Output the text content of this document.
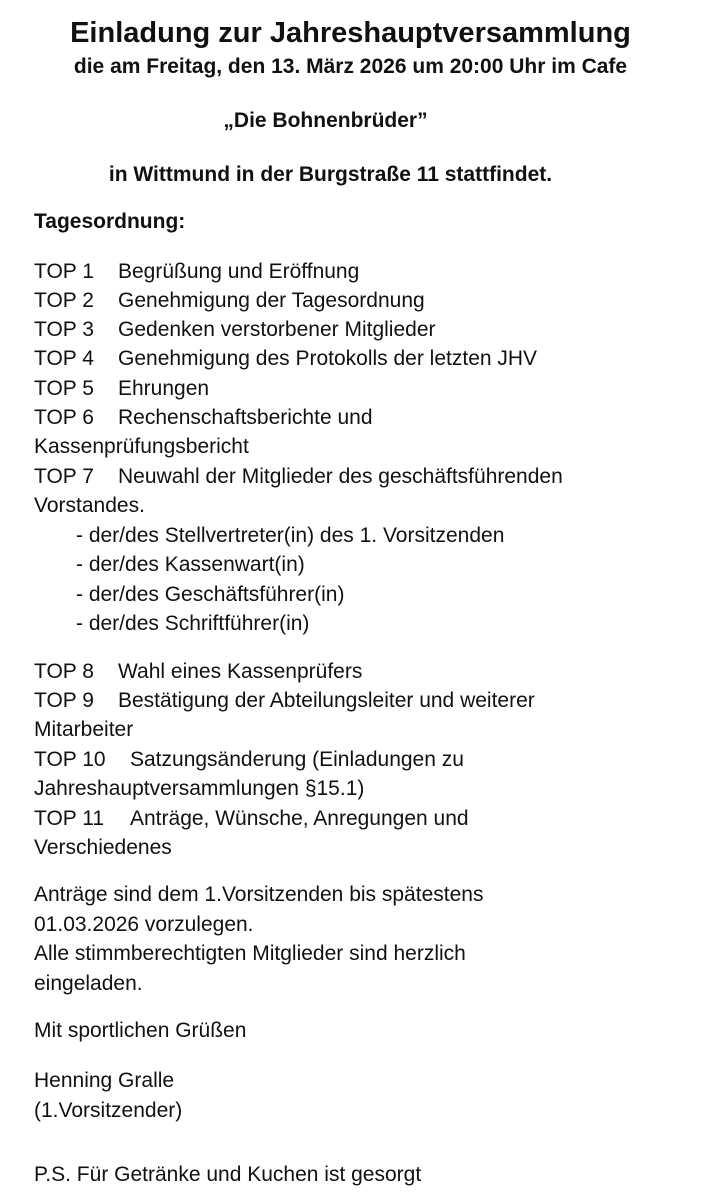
Einladung zur Jahreshauptversammlung
die am Freitag, den 13. März 2026 um 20:00 Uhr im Cafe
„Die Bohnenbrüder”
in Wittmund in der Burgstraße 11 stattfindet.
Tagesordnung:
TOP 1 Begrüßung und Eröffnung
TOP 2 Genehmigung der Tagesordnung
TOP 3 Gedenken verstorbener Mitglieder
TOP 4 Genehmigung des Protokolls der letzten JHV
TOP 5 Ehrungen
TOP 6 Rechenschaftsberichte und
Kassenprüfungsbericht
TOP 7 Neuwahl der Mitglieder des geschäftsführenden
Vorstandes.
- der/des Stellvertreter(in) des 1. Vorsitzenden
- der/des Kassenwart(in)
- der/des Geschäftsführer(in)
- der/des Schriftführer(in)
TOP 8 Wahl eines Kassenprüfers
TOP 9 Bestätigung der Abteilungsleiter und weiterer
Mitarbeiter
TOP 10 Satzungsänderung (Einladungen zu
Jahreshauptversammlungen §15.1)
TOP 11 Anträge, Wünsche, Anregungen und
Verschiedenes
Anträge sind dem 1.Vorsitzenden bis spätestens
01.03.2026 vorzulegen.
Alle stimmberechtigten Mitglieder sind herzlich
eingeladen.
Mit sportlichen Grüßen
Henning Gralle
(1.Vorsitzender)
P.S. Für Getränke und Kuchen ist gesorgt
